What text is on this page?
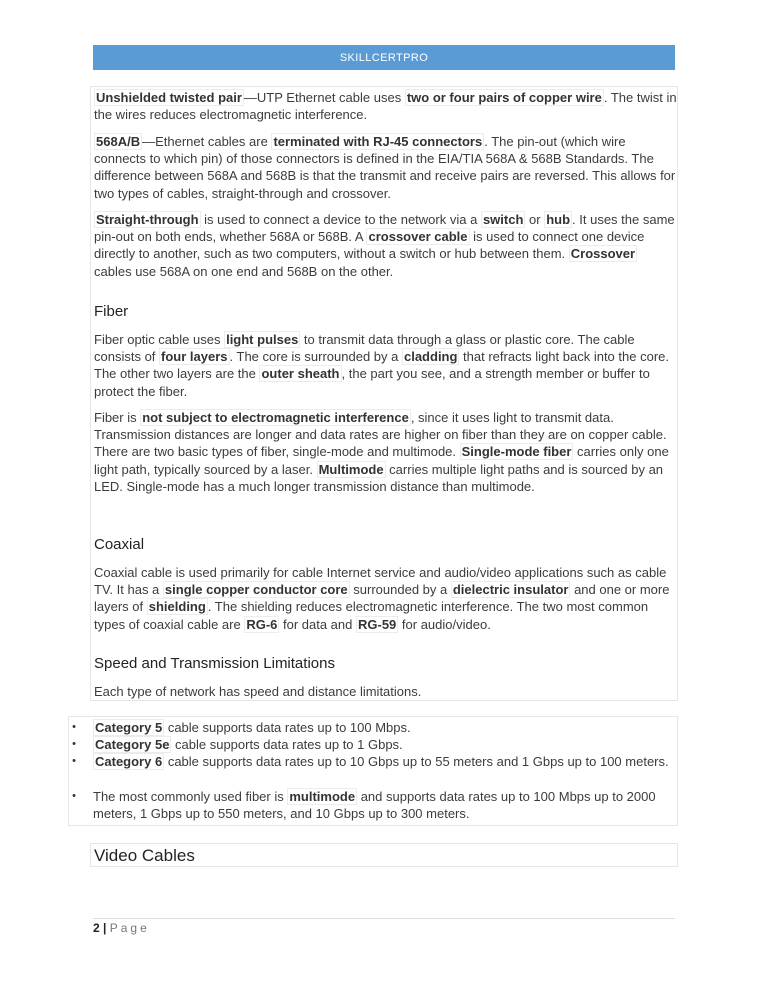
SKILLCERTPRO

Unshielded twisted pair —UTP Ethernet cable uses two or four pairs of copper wire . The twist in the wires reduces electromagnetic interference.

568A/B —Ethernet cables are terminated with RJ-45 connectors . The pin-out (which wire connects to which pin) of those connectors is defined in the EIA/TIA 568A & 568B Standards. The difference between 568A and 568B is that the transmit and receive pairs are reversed. This allows for two types of cables, straight-through and crossover.

Straight-through is used to connect a device to the network via a switch or hub . It uses the same pin-out on both ends, whether 568A or 568B. A crossover cable is used to connect one device directly to another, such as two computers, without a switch or hub between them. Crossover cables use 568A on one end and 568B on the other.

Fiber

Fiber optic cable uses light pulses to transmit data through a glass or plastic core. The cable consists of four layers . The core is surrounded by a cladding that refracts light back into the core. The other two layers are the outer sheath , the part you see, and a strength member or buffer to protect the fiber.

Fiber is not subject to electromagnetic interference , since it uses light to transmit data. Transmission distances are longer and data rates are higher on fiber than they are on copper cable. There are two basic types of fiber, single-mode and multimode. Single-mode fiber carries only one light path, typically sourced by a laser. Multimode carries multiple light paths and is sourced by an LED. Single-mode has a much longer transmission distance than multimode.

Coaxial

Coaxial cable is used primarily for cable Internet service and audio/video applications such as cable TV. It has a single copper conductor core surrounded by a dielectric insulator and one or more layers of shielding . The shielding reduces electromagnetic interference. The two most common types of coaxial cable are RG-6 for data and RG-59 for audio/video.

Speed and Transmission Limitations

Each type of network has speed and distance limitations.

• Category 5 cable supports data rates up to 100 Mbps.
• Category 5e cable supports data rates up to 1 Gbps.
• Category 6 cable supports data rates up to 10 Gbps up to 55 meters and 1 Gbps up to 100 meters.
• The most commonly used fiber is multimode and supports data rates up to 100 Mbps up to 2000 meters, 1 Gbps up to 550 meters, and 10 Gbps up to 300 meters.
Video Cables
2 | Page
